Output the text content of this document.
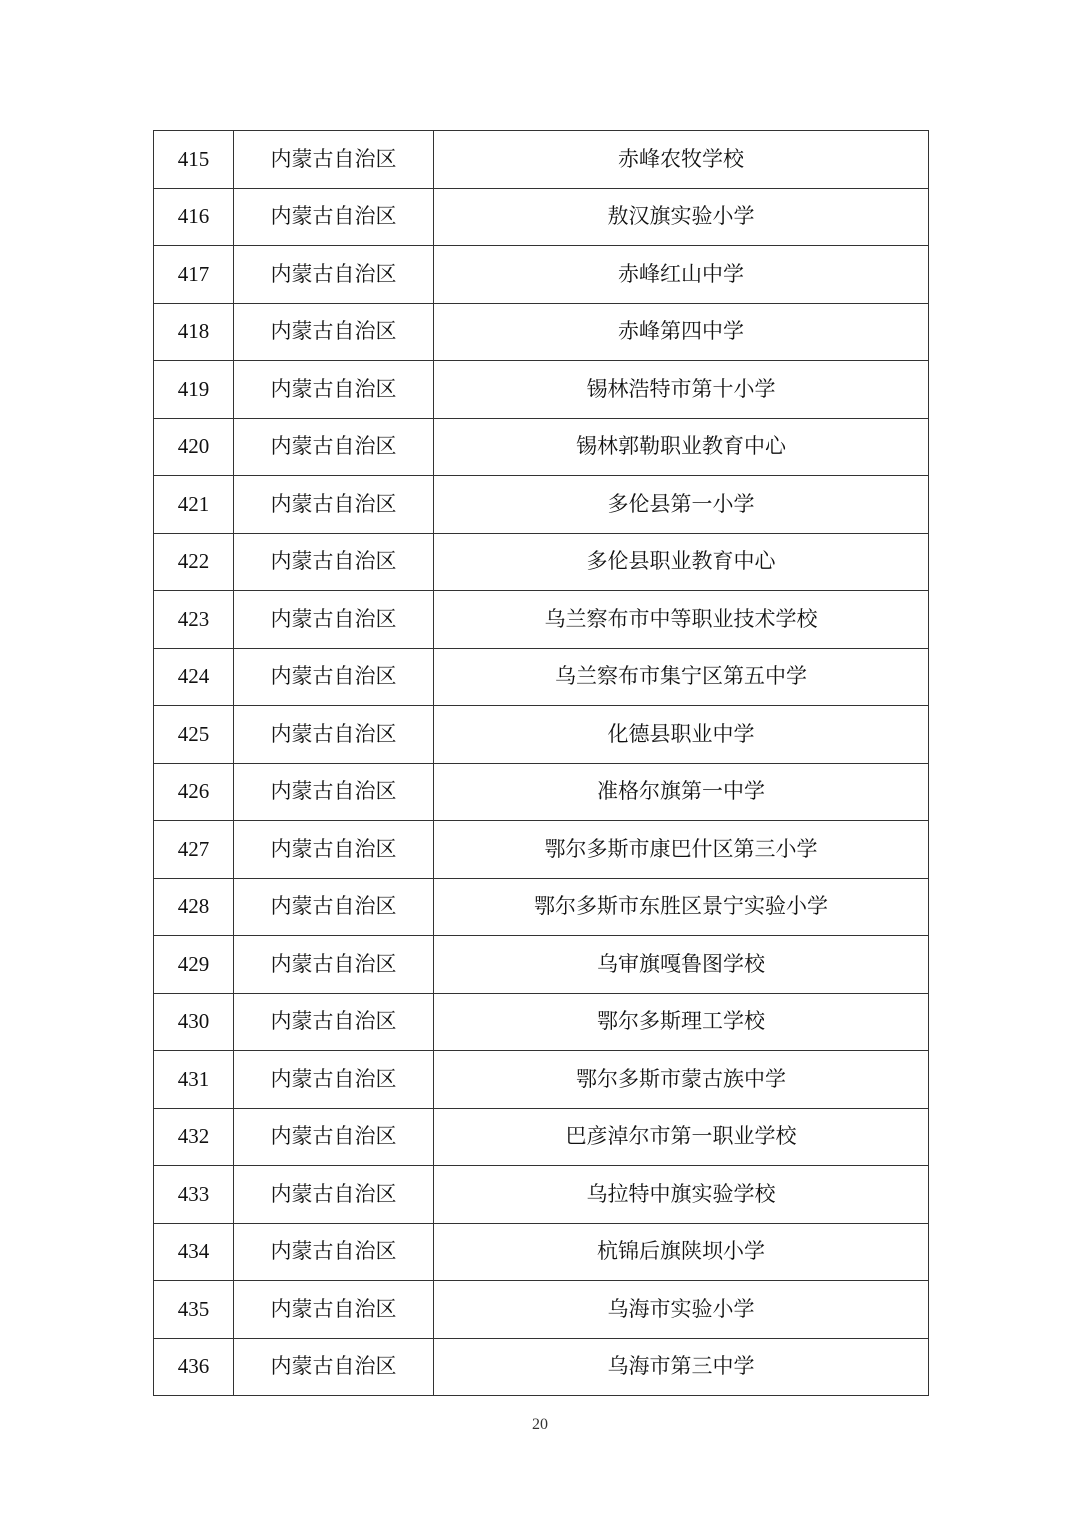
415	内蒙古自治区	赤峰农牧学校
416	内蒙古自治区	敖汉旗实验小学
417	内蒙古自治区	赤峰红山中学
418	内蒙古自治区	赤峰第四中学
419	内蒙古自治区	锡林浩特市第十小学
420	内蒙古自治区	锡林郭勒职业教育中心
421	内蒙古自治区	多伦县第一小学
422	内蒙古自治区	多伦县职业教育中心
423	内蒙古自治区	乌兰察布市中等职业技术学校
424	内蒙古自治区	乌兰察布市集宁区第五中学
425	内蒙古自治区	化德县职业中学
426	内蒙古自治区	准格尔旗第一中学
427	内蒙古自治区	鄂尔多斯市康巴什区第三小学
428	内蒙古自治区	鄂尔多斯市东胜区景宁实验小学
429	内蒙古自治区	乌审旗嘎鲁图学校
430	内蒙古自治区	鄂尔多斯理工学校
431	内蒙古自治区	鄂尔多斯市蒙古族中学
432	内蒙古自治区	巴彦淖尔市第一职业学校
433	内蒙古自治区	乌拉特中旗实验学校
434	内蒙古自治区	杭锦后旗陕坝小学
435	内蒙古自治区	乌海市实验小学
436	内蒙古自治区	乌海市第三中学
20
